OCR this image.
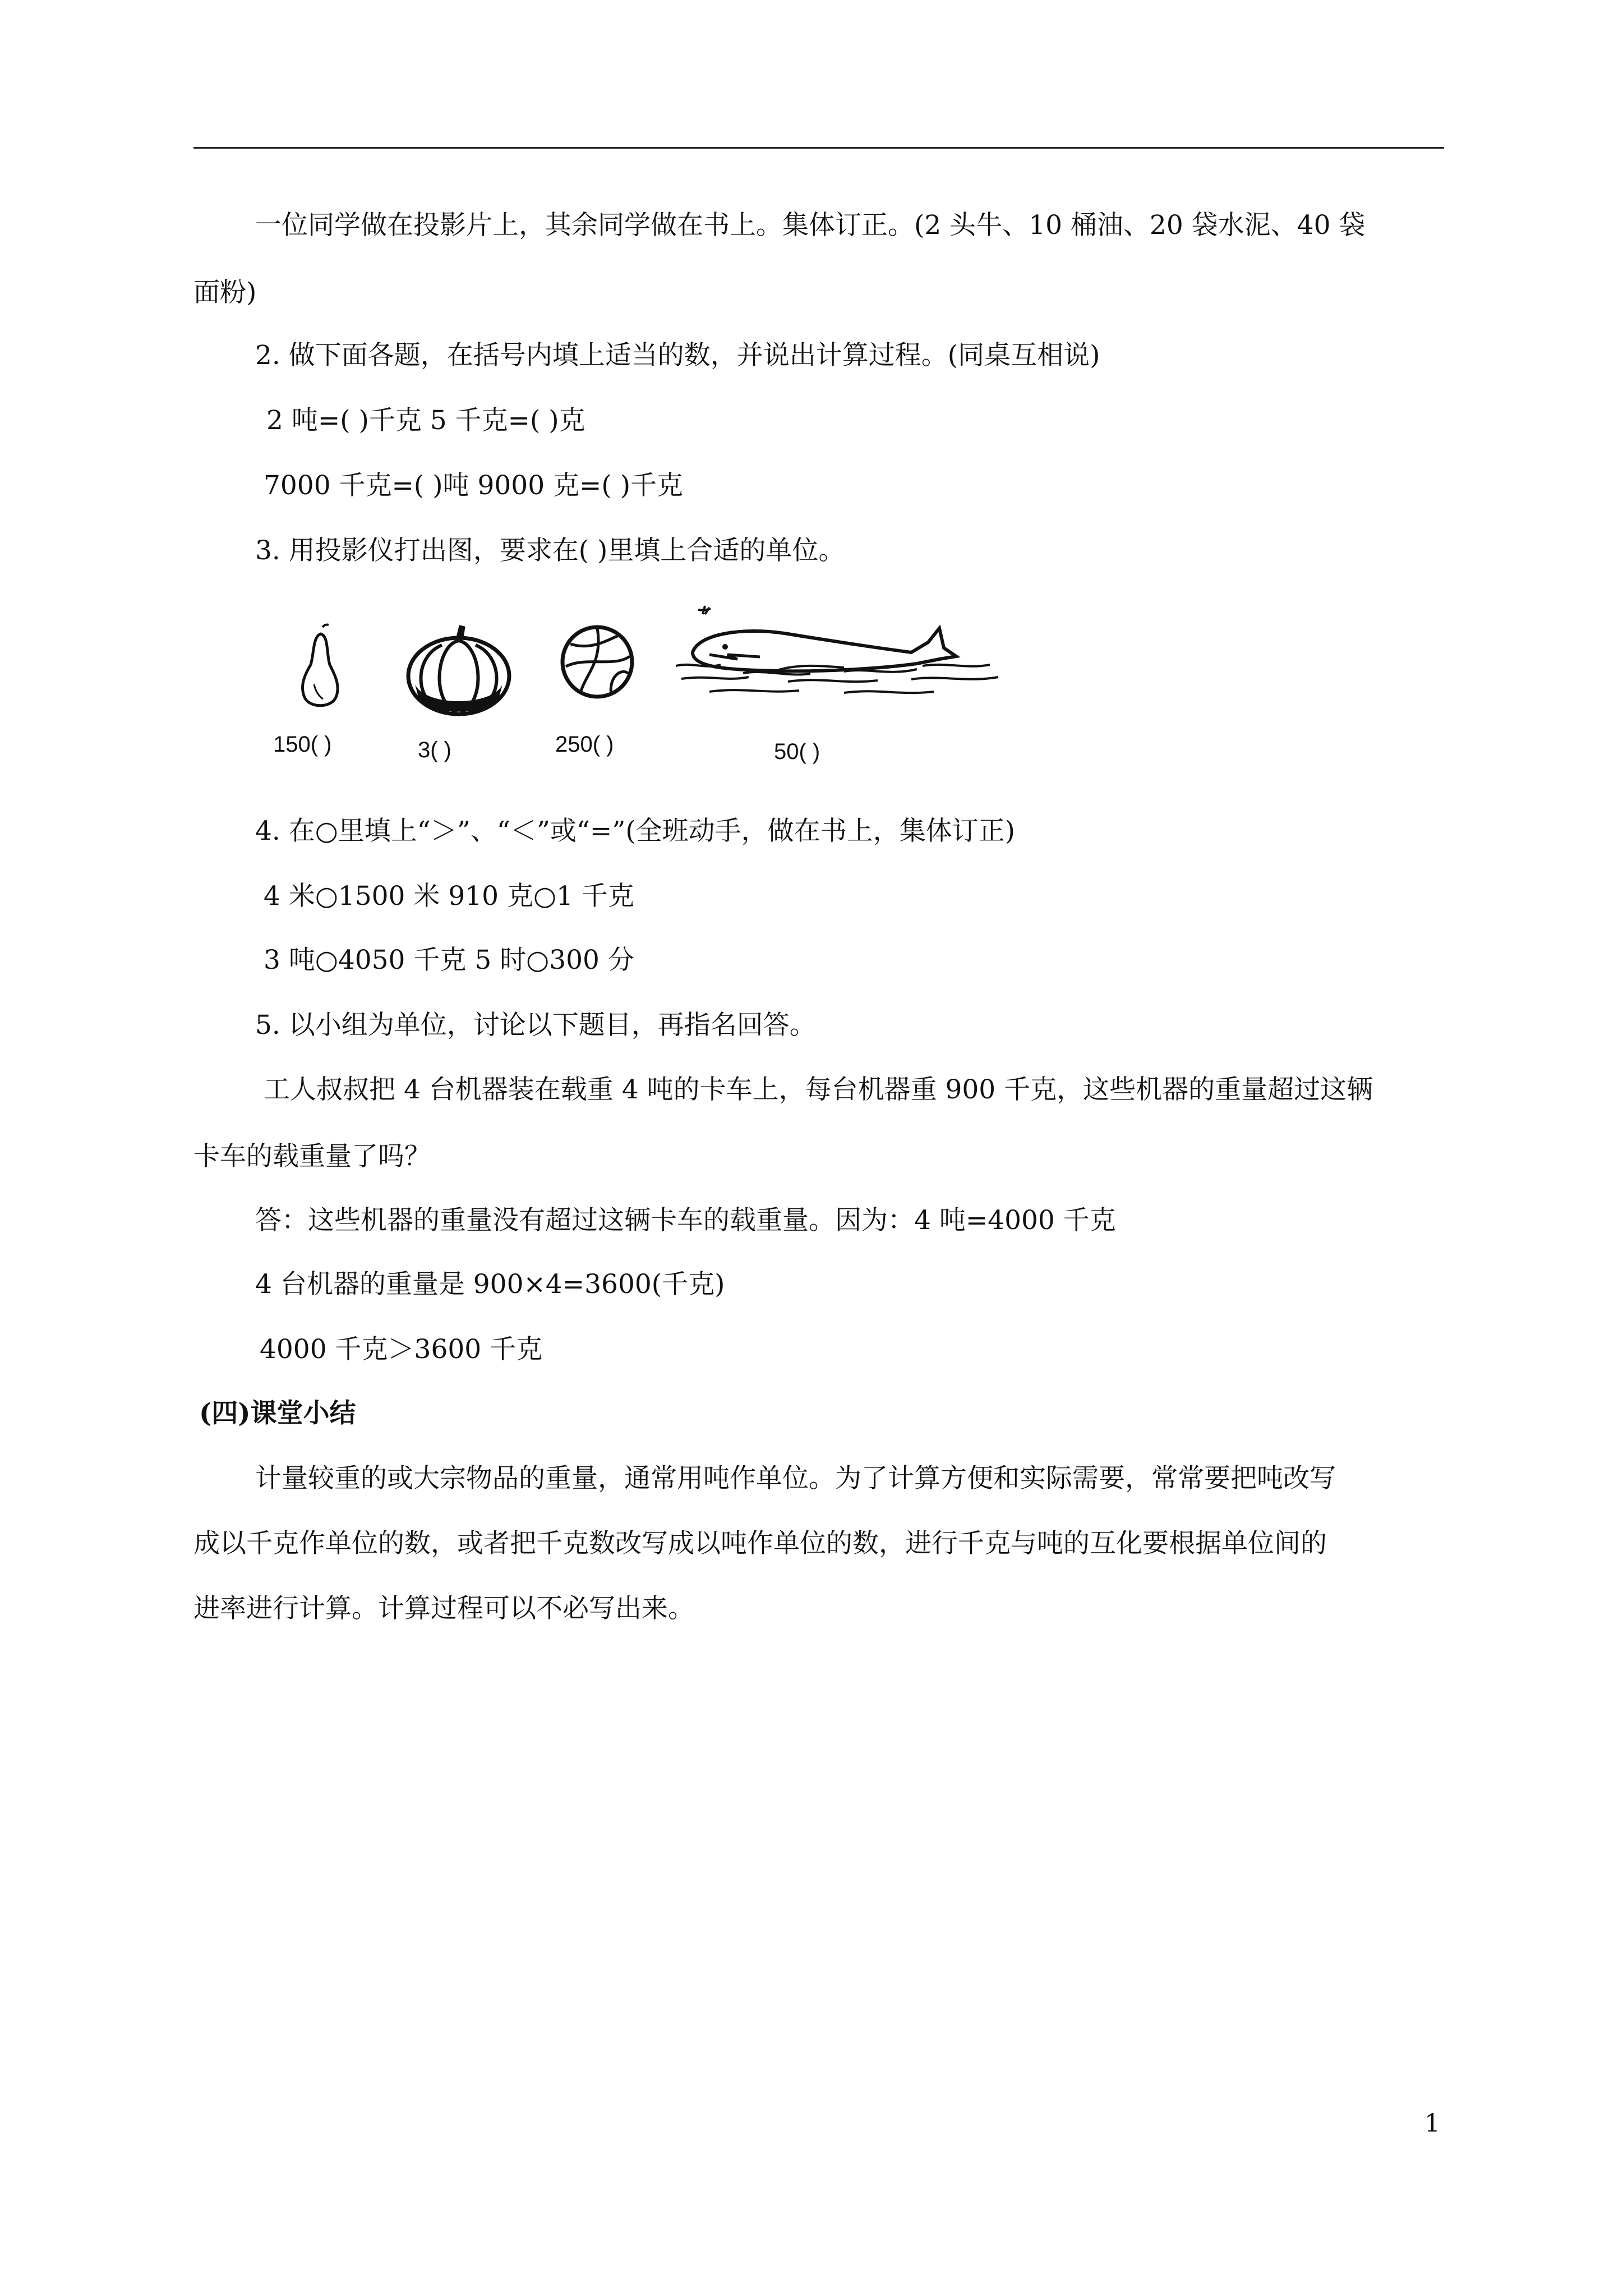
一位同学做在投影片上，其余同学做在书上。集体订正。(2 头牛、10 桶油、20 袋水泥、40 袋
面粉)
2. 做下面各题，在括号内填上适当的数，并说出计算过程。(同桌互相说)
2 吨=( )千克 5 千克=( )克
7000 千克=( )吨 9000 克=( )千克
3. 用投影仪打出图，要求在( )里填上合适的单位。
150( )	3( )	250( )	50( )
4. 在○里填上“＞”、“＜”或“=”(全班动手，做在书上，集体订正)
4 米○1500 米 910 克○1 千克
3 吨○4050 千克 5 时○300 分
5. 以小组为单位，讨论以下题目，再指名回答。
工人叔叔把 4 台机器装在载重 4 吨的卡车上，每台机器重 900 千克，这些机器的重量超过这辆
卡车的载重量了吗？
答：这些机器的重量没有超过这辆卡车的载重量。因为：4 吨=4000 千克
4 台机器的重量是 900×4=3600(千克)
4000 千克＞3600 千克
(四)课堂小结
计量较重的或大宗物品的重量，通常用吨作单位。为了计算方便和实际需要，常常要把吨改写
成以千克作单位的数，或者把千克数改写成以吨作单位的数，进行千克与吨的互化要根据单位间的
进率进行计算。计算过程可以不必写出来。
1
